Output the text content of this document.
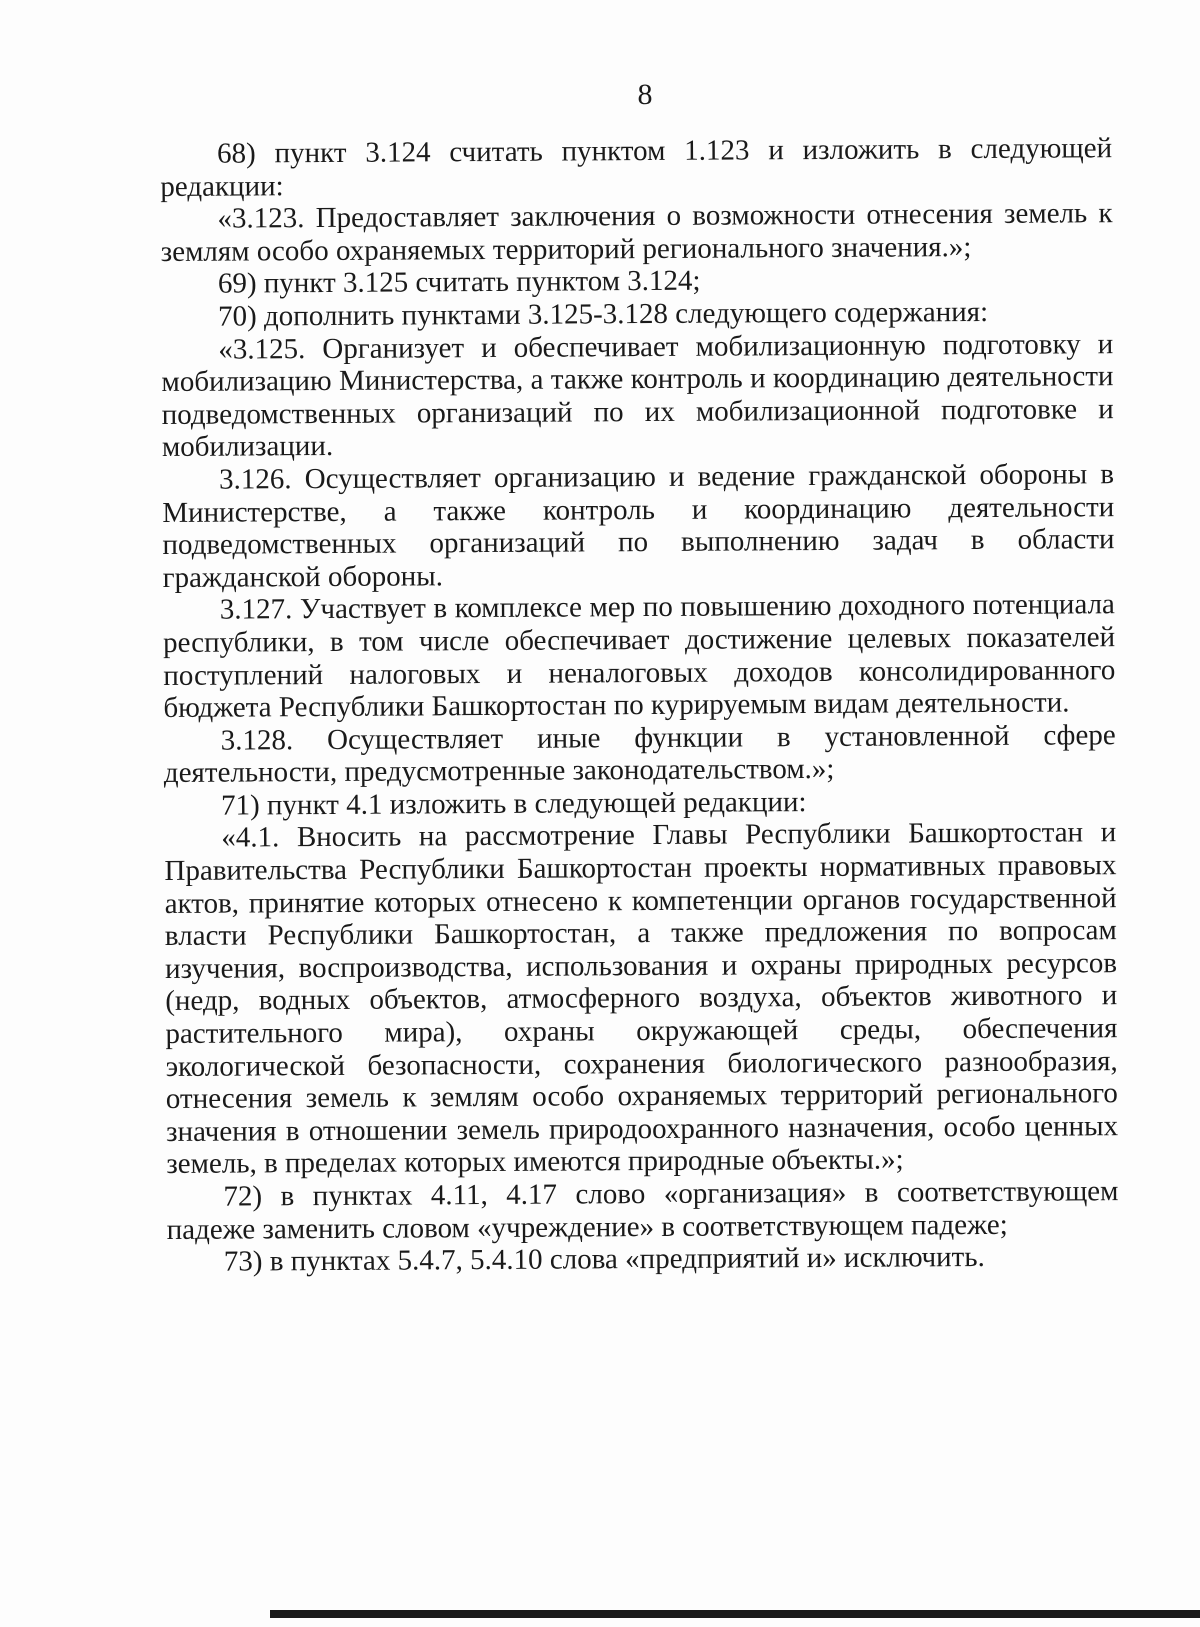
8

68) пункт 3.124 считать пунктом 1.123 и изложить в следующей редакции:

«3.123. Предоставляет заключения о возможности отнесения земель к землям особо охраняемых территорий регионального значения.»;

69) пункт 3.125 считать пунктом 3.124;

70) дополнить пунктами 3.125-3.128 следующего содержания:

«3.125. Организует и обеспечивает мобилизационную подготовку и мобилизацию Министерства, а также контроль и координацию деятельности подведомственных организаций по их мобилизационной подготовке и мобилизации.

3.126. Осуществляет организацию и ведение гражданской обороны в Министерстве, а также контроль и координацию деятельности подведомственных организаций по выполнению задач в области гражданской обороны.

3.127. Участвует в комплексе мер по повышению доходного потенциала республики, в том числе обеспечивает достижение целевых показателей поступлений налоговых и неналоговых доходов консолидированного бюджета Республики Башкортостан по курируемым видам деятельности.

3.128. Осуществляет иные функции в установленной сфере деятельности, предусмотренные законодательством.»;

71) пункт 4.1 изложить в следующей редакции:

«4.1. Вносить на рассмотрение Главы Республики Башкортостан и Правительства Республики Башкортостан проекты нормативных правовых актов, принятие которых отнесено к компетенции органов государственной власти Республики Башкортостан, а также предложения по вопросам изучения, воспроизводства, использования и охраны природных ресурсов (недр, водных объектов, атмосферного воздуха, объектов животного и растительного мира), охраны окружающей среды, обеспечения экологической безопасности, сохранения биологического разнообразия, отнесения земель к землям особо охраняемых территорий регионального значения в отношении земель природоохранного назначения, особо ценных земель, в пределах которых имеются природные объекты.»;

72) в пунктах 4.11, 4.17 слово «организация» в соответствующем падеже заменить словом «учреждение» в соответствующем падеже;

73) в пунктах 5.4.7, 5.4.10 слова «предприятий и» исключить.
